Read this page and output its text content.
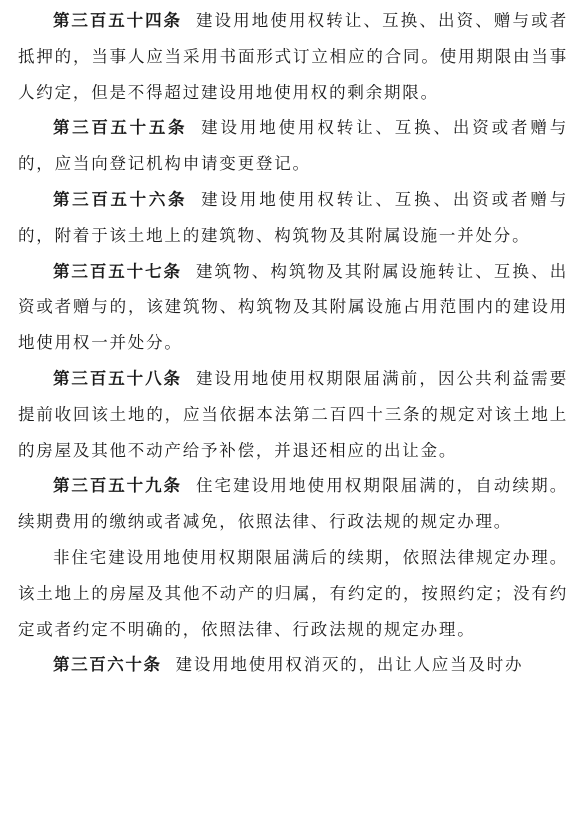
第三百五十四条 建设用地使用权转让、互换、出资、赠与或者抵押的，当事人应当采用书面形式订立相应的合同。使用期限由当事人约定，但是不得超过建设用地使用权的剩余期限。

第三百五十五条 建设用地使用权转让、互换、出资或者赠与的，应当向登记机构申请变更登记。

第三百五十六条 建设用地使用权转让、互换、出资或者赠与的，附着于该土地上的建筑物、构筑物及其附属设施一并处分。

第三百五十七条 建筑物、构筑物及其附属设施转让、互换、出资或者赠与的，该建筑物、构筑物及其附属设施占用范围内的建设用地使用权一并处分。

第三百五十八条 建设用地使用权期限届满前，因公共利益需要提前收回该土地的，应当依据本法第二百四十三条的规定对该土地上的房屋及其他不动产给予补偿，并退还相应的出让金。

第三百五十九条 住宅建设用地使用权期限届满的，自动续期。续期费用的缴纳或者减免，依照法律、行政法规的规定办理。

非住宅建设用地使用权期限届满后的续期，依照法律规定办理。该土地上的房屋及其他不动产的归属，有约定的，按照约定；没有约定或者约定不明确的，依照法律、行政法规的规定办理。

第三百六十条 建设用地使用权消灭的，出让人应当及时办
